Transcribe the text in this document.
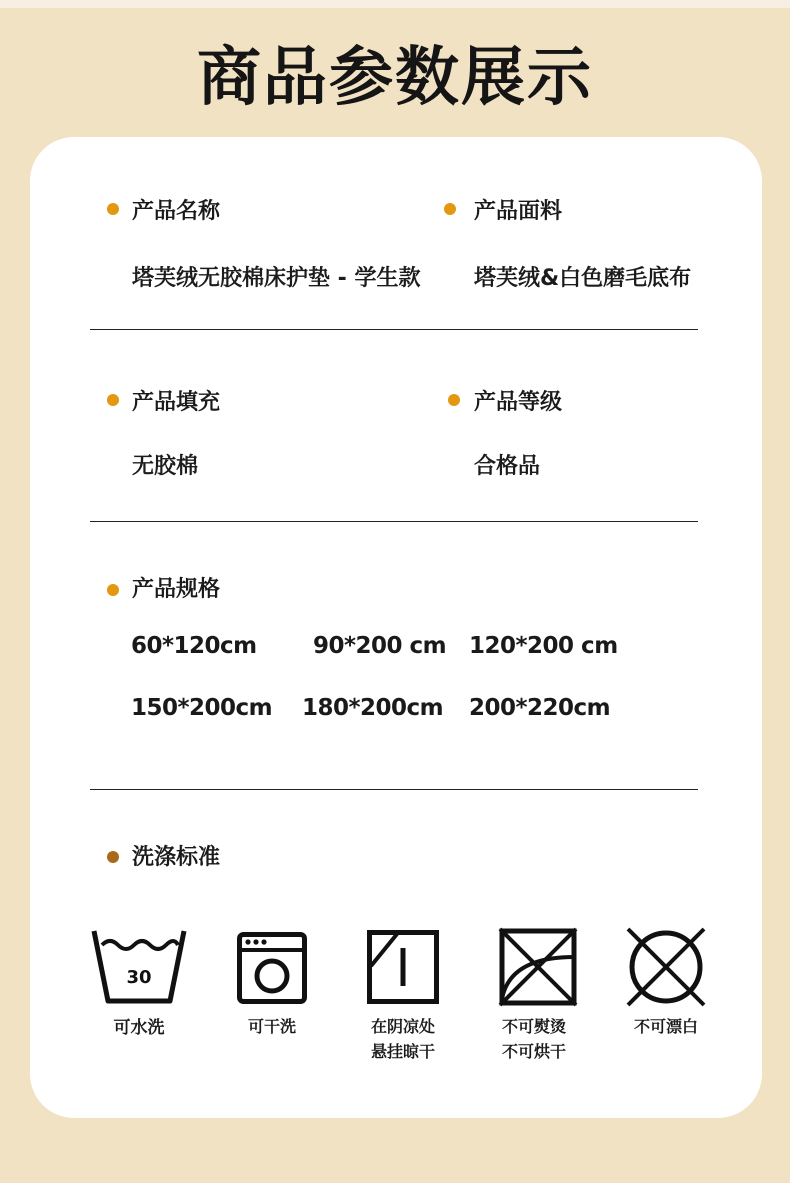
商品参数展示
产品名称
塔芙绒无胶棉床护垫 - 学生款
产品面料
塔芙绒&白色磨毛底布
产品填充
无胶棉
产品等级
合格品
产品规格
60*120cm 90*200 cm 120*200 cm
150*200cm 180*200cm 200*220cm
洗涤标准
30
可水洗	可干洗	在阴凉处
悬挂晾干
不可熨烫
不可烘干
不可漂白
